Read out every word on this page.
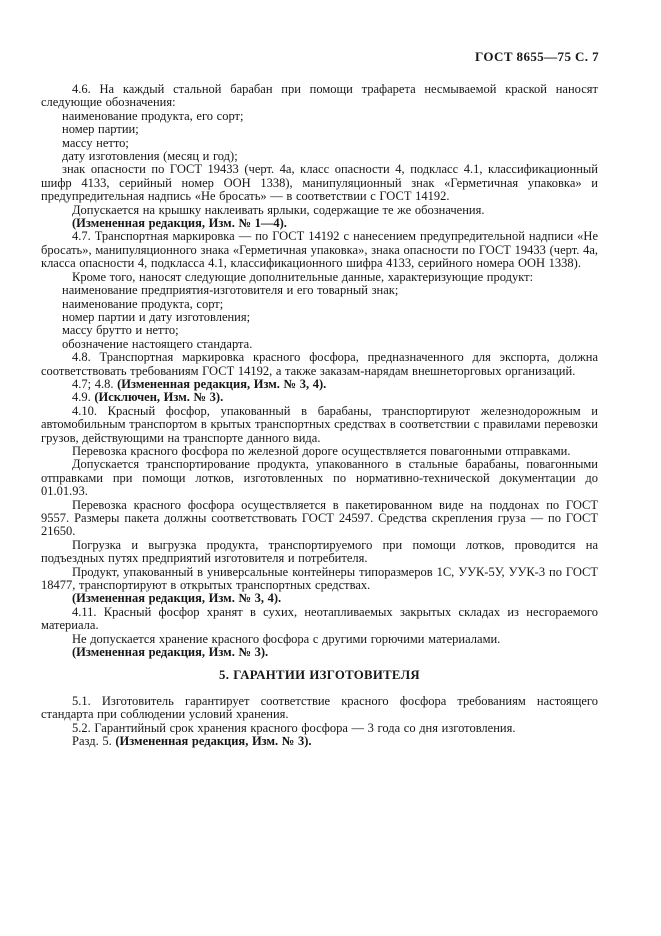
ГОСТ 8655—75 С. 7

4.6. На каждый стальной барабан при помощи трафарета несмываемой краской наносят следующие обозначения:

наименование продукта, его сорт;

номер партии;

массу нетто;

дату изготовления (месяц и год);

знак опасности по ГОСТ 19433 (черт. 4а, класс опасности 4, подкласс 4.1, классификационный шифр 4133, серийный номер ООН 1338), манипуляционный знак «Герметичная упаковка» и предупредительная надпись «Не бросать» — в соответствии с ГОСТ 14192.

Допускается на крышку наклеивать ярлыки, содержащие те же обозначения.

(Измененная редакция, Изм. № 1—4).

4.7. Транспортная маркировка — по ГОСТ 14192 с нанесением предупредительной надписи «Не бросать», манипуляционного знака «Герметичная упаковка», знака опасности по ГОСТ 19433 (черт. 4а, класса опасности 4, подкласса 4.1, классификационного шифра 4133, серийного номера ООН 1338).

Кроме того, наносят следующие дополнительные данные, характеризующие продукт:

наименование предприятия-изготовителя и его товарный знак;

наименование продукта, сорт;

номер партии и дату изготовления;

массу брутто и нетто;

обозначение настоящего стандарта.

4.8. Транспортная маркировка красного фосфора, предназначенного для экспорта, должна соответствовать требованиям ГОСТ 14192, а также заказам-нарядам внешнеторговых организаций.

4.7; 4.8. (Измененная редакция, Изм. № 3, 4).

4.9. (Исключен, Изм. № 3).

4.10. Красный фосфор, упакованный в барабаны, транспортируют железнодорожным и автомобильным транспортом в крытых транспортных средствах в соответствии с правилами перевозки грузов, действующими на транспорте данного вида.

Перевозка красного фосфора по железной дороге осуществляется повагонными отправками.

Допускается транспортирование продукта, упакованного в стальные барабаны, повагонными отправками при помощи лотков, изготовленных по нормативно-технической документации до 01.01.93.

Перевозка красного фосфора осуществляется в пакетированном виде на поддонах по ГОСТ 9557. Размеры пакета должны соответствовать ГОСТ 24597. Средства скрепления груза — по ГОСТ 21650.

Погрузка и выгрузка продукта, транспортируемого при помощи лотков, проводится на подъездных путях предприятий изготовителя и потребителя.

Продукт, упакованный в универсальные контейнеры типоразмеров 1С, УУК-5У, УУК-3 по ГОСТ 18477, транспортируют в открытых транспортных средствах.

(Измененная редакция, Изм. № 3, 4).

4.11. Красный фосфор хранят в сухих, неотапливаемых закрытых складах из несгораемого материала.

Не допускается хранение красного фосфора с другими горючими материалами.

(Измененная редакция, Изм. № 3).

5. ГАРАНТИИ ИЗГОТОВИТЕЛЯ

5.1. Изготовитель гарантирует соответствие красного фосфора требованиям настоящего стандарта при соблюдении условий хранения.

5.2. Гарантийный срок хранения красного фосфора — 3 года со дня изготовления.

Разд. 5. (Измененная редакция, Изм. № 3).
